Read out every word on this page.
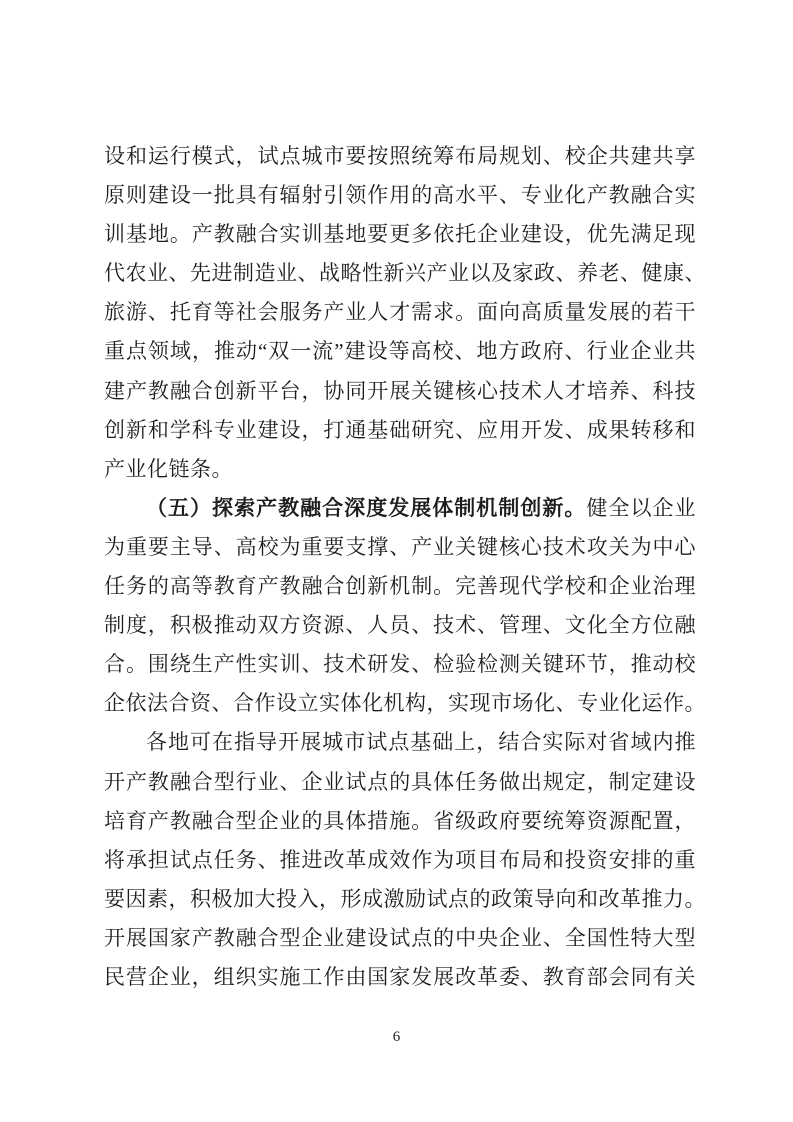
设和运行模式，试点城市要按照统筹布局规划、校企共建共享
原则建设一批具有辐射引领作用的高水平、专业化产教融合实
训基地。产教融合实训基地要更多依托企业建设，优先满足现
代农业、先进制造业、战略性新兴产业以及家政、养老、健康、
旅游、托育等社会服务产业人才需求。面向高质量发展的若干
重点领域，推动“双一流”建设等高校、地方政府、行业企业共
建产教融合创新平台，协同开展关键核心技术人才培养、科技
创新和学科专业建设，打通基础研究、应用开发、成果转移和
产业化链条。
（五）探索产教融合深度发展体制机制创新。健全以企业
为重要主导、高校为重要支撑、产业关键核心技术攻关为中心
任务的高等教育产教融合创新机制。完善现代学校和企业治理
制度，积极推动双方资源、人员、技术、管理、文化全方位融
合。围绕生产性实训、技术研发、检验检测关键环节，推动校
企依法合资、合作设立实体化机构，实现市场化、专业化运作。
各地可在指导开展城市试点基础上，结合实际对省域内推
开产教融合型行业、企业试点的具体任务做出规定，制定建设
培育产教融合型企业的具体措施。省级政府要统筹资源配置，
将承担试点任务、推进改革成效作为项目布局和投资安排的重
要因素，积极加大投入，形成激励试点的政策导向和改革推力。
开展国家产教融合型企业建设试点的中央企业、全国性特大型
民营企业，组织实施工作由国家发展改革委、教育部会同有关
6
